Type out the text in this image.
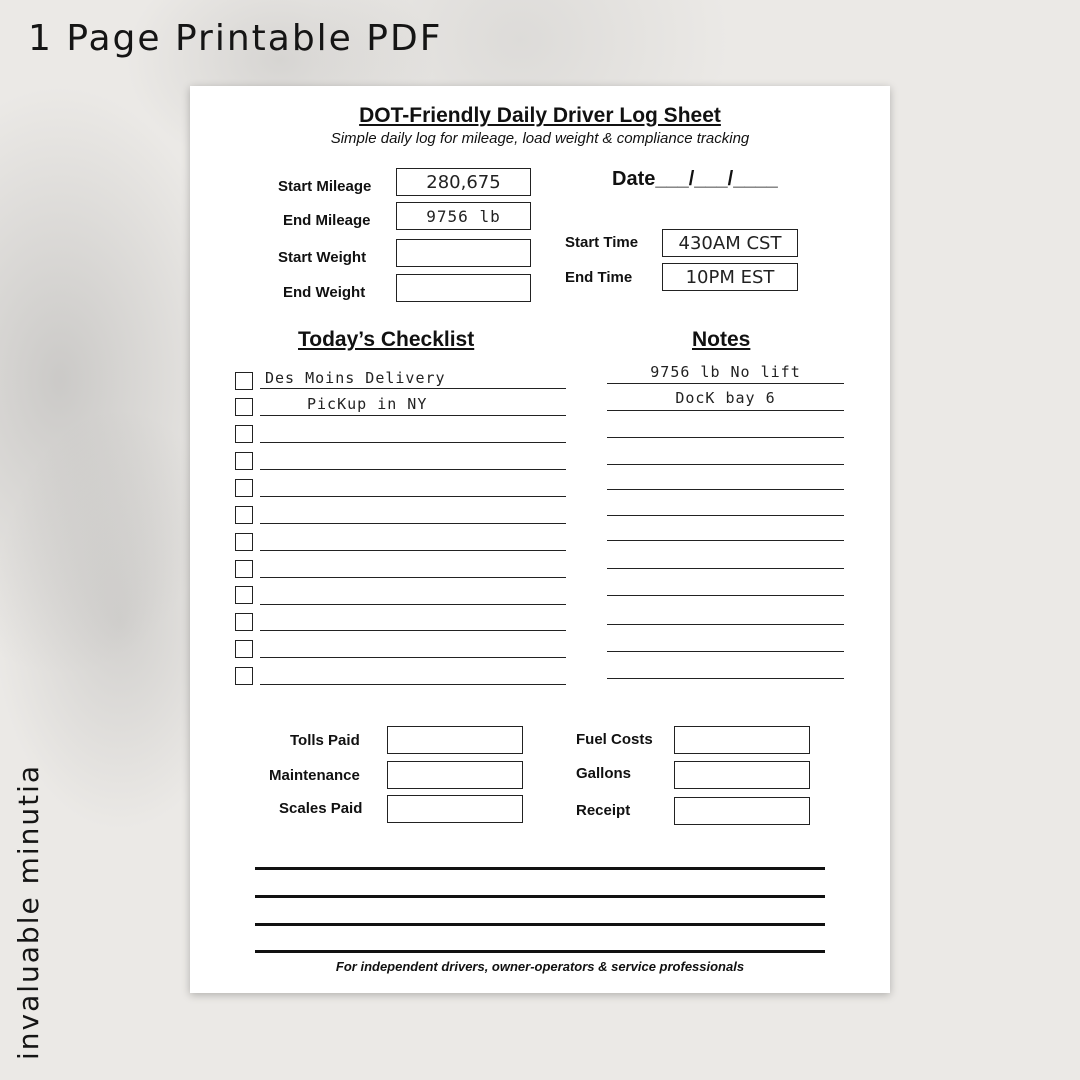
1 Page Printable PDF
invaluable minutia
DOT-Friendly Daily Driver Log Sheet
Simple daily log for mileage, load weight & compliance tracking
Start Mileage	280,675
End Mileage	9756 lb
Start Weight
End Weight
Date___/___/____
Start Time	430AM CST
End Time	10PM EST
Today’s Checklist	Notes
Des Moins Delivery
PicKup in NY
9756 lb No lift
DocK bay 6
Tolls Paid
Maintenance
Scales Paid
Fuel Costs
Gallons
Receipt
For independent drivers, owner-operators & service professionals
